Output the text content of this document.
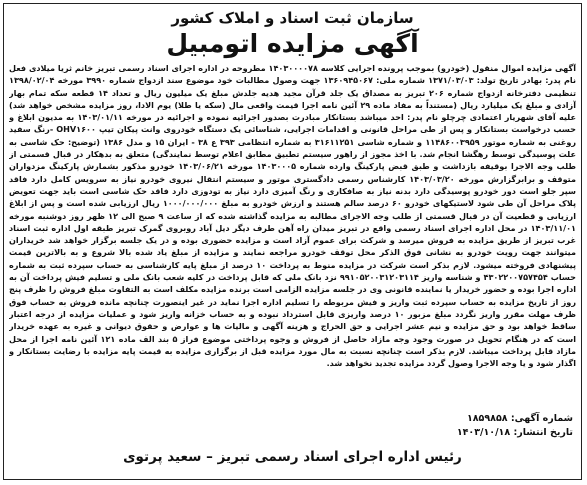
سازمان ثبت اسناد و املاک کشور
آگهی مزایده اتومبیل
آگهی مزایده اموال منقول (خودرو) بموجب پرونده اجرایی کلاسه ۱۴۰۳۰۰۰۰۷۸ مطروحه در اداره اجرای اسناد رسمی تبریز خانم ثریا میلادی فعل نام پدر: بهادر تاریخ تولد: ۱۳۷۱/۰۳/۰۳ شماره ملی: ۱۳۶۰۹۴۵۰۶۷ جهت وصول مطالبات خود موضوع سند ازدواج شماره ۳۹۹۰ مورخه ۱۳۹۸/۰۲/۰۴ تنظیمی دفترخانه ازدواج شماره ۲۰۶ تبریز به مصداق یک جلد قرآن مجید هدیه جلدش مبلغ یک میلیون ریال و تعداد ۱۴ قطعه سکه تمام بهار آزادی و مبلغ یک میلیارد ریال (مستنداً به مفاد ماده ۲۹ آئین نامه اجرا قیمت واقعی مال (سکه یا طلا) یوم الادا، روز مزایده مشخص خواهد شد) علیه آقای شهریار اعتمادی چرچلو نام پدر: احد میباشد بستانکار مبادرت بصدور اجرائیه نموده و اجرائیه در مورخه ۱۴۰۳/۰۱/۱۱ به مدیون ابلاغ و حسب درخواست بستانکار و پس از طی مراحل قانونی و اقدامات اجرایی، شناسائی یک دستگاه خودروی وانت پیکان تیپ OHV۱۶۰۰ -رنگ سفید روغنی به شماره موتور ۱۱۴۸۶۰۰۳۹۵۹ و شماره شاسی ۳۱۶۱۱۲۵۱ به شماره انتظامی ۳۹۳ ع ۳۸ - ایران ۱۵ و مدل ۱۳۸۶ (توضیح: حک شاسی به علت پوسیدگی توسط رهگشا انجام شد. با اخذ مجوز از راهور سیستم تطبیق مطابق اعلام توسط نمایندگی) متعلق به بدهکار در قبال قسمتی از طلب وجه الاجرا بوقیفه بازداشت و طبق قبض پارکینگ وارده شماره ۱۴۰۳۰۰۰۵ مورخه ۱۴۰۳/۰۶/۲۱ خودرو مذکور بشمارش پارکینگ مزدواران متوقف و برابرگزارش مورخه ۱۴۰۳/۰۳/۲۰ کارشناس رسمی دادگستری موتور و سیستم انتقال نیروی خودرو نیاز به سرویس کامل دارد فاقد سپر جلو است دور خودرو پوسیدگی دارد بدنه نیاز به صافکاری و رنگ آمیزی دارد نیاز به تودوزی دارد فاقد حک شاسی است باید جهت تعویض پلاک مراحل آن طی شود لاستیکهای خودرو ۶۰ درصد سالم هستند و ارزش خودرو به مبلغ ۱۰۰۰/۰۰۰/۰۰۰ ریال ارزیابی شده است و پس از ابلاغ ارزیابی و قطعیت آن در قبال قسمتی از طلب وجه الاجرای مطالبه به مزایده گذاشته شده که از ساعت ۹ صبح الی ۱۲ ظهر روز دوشنبه مورخه ۱۴۰۳/۱۱/۰۱ در محل اداره اجرای اسناد رسمی واقع در تبریز میدان راه آهن طرف دیگر دیل آباد روبروی گمرک تبریز طبقه اول اداره ثبت اسناد غرب تبریز از طریق مزایده به فروش میرسد و شرکت برای عموم آزاد است و مزایده حضوری بوده و در یک جلسه برگزار خواهد شد خریداران میتوانند جهت رویت خودرو به نشانی فوق الذکر محل توقف خودرو مراجعه نمایند و مزایده از مبلغ یاد شده بالا شروع و به بالاترین قیمت پیشنهادی فروخته میشود. لازم بذکر است شرکت در مزایده منوط به پرداخت ۱۰ درصد از مبلغ پایه کارشناسی به حساب سپرده ثبت به شماره حساب ۴۳۰۲۲۰۰۷۵۷۴۵۴ و شناسه واریز ۹۹۱۰۵۲۰۰۳۱۲۰۳۱۱۴ نزد بانک ملی که قابل پرداخت در کلیه شعب بانک ملی و تسلیم فیش پرداخت آن به اداره اجرا بوده و حضور خریدار یا نماینده قانونی وی در جلسه مزایده الزامی است برنده مزایده مکلف است به التفاوت مبلغ فروش را ظرف پنج روز از تاریخ مزایده به حساب سپرده ثبت واریز و فیش مربوطه را تسلیم اداره اجرا نماید در غیر اینصورت چنانچه مانده فروش به حساب فوق ظرف مهلت مقرر واریز نگردد مبلغ مزبور ۱۰ درصد واریزی قابل استرداد نبوده و به حساب خزانه واریز شود و عملیات مزایده از درجه اعتبار ساقط خواهد بود و حق مزایده و نیم عشر اجرایی و حق الحراج و هزینه آگهی و مالیات ها و عوارض و حقوق دیوانی و غیره به عهده خریدار است که در هنگام تحویل در صورت وجود وجه مازاد حاصل از فروش و وجوه پرداختی موضوع فراز ۵ بند الف ماده ۱۲۱ آئین نامه اجرا از محل مازاد قابل پرداخت میباشد. لازم بذکر است چنانچه نسبت به مال مورد مزایده قبل از برگزاری مزایده به قیمت پایه مزایده با رضایت بستانکار و اگذار شود و یا وجه الاجرا وصول گردد مزایده تجدید نخواهد شد.
شماره آگهی: ۱۸۵۹۸۵۸
تاریخ انتشار: ۱۴۰۳/۱۰/۱۸
رئیس اداره اجرای اسناد رسمی تبریز – سعید پرتوی
